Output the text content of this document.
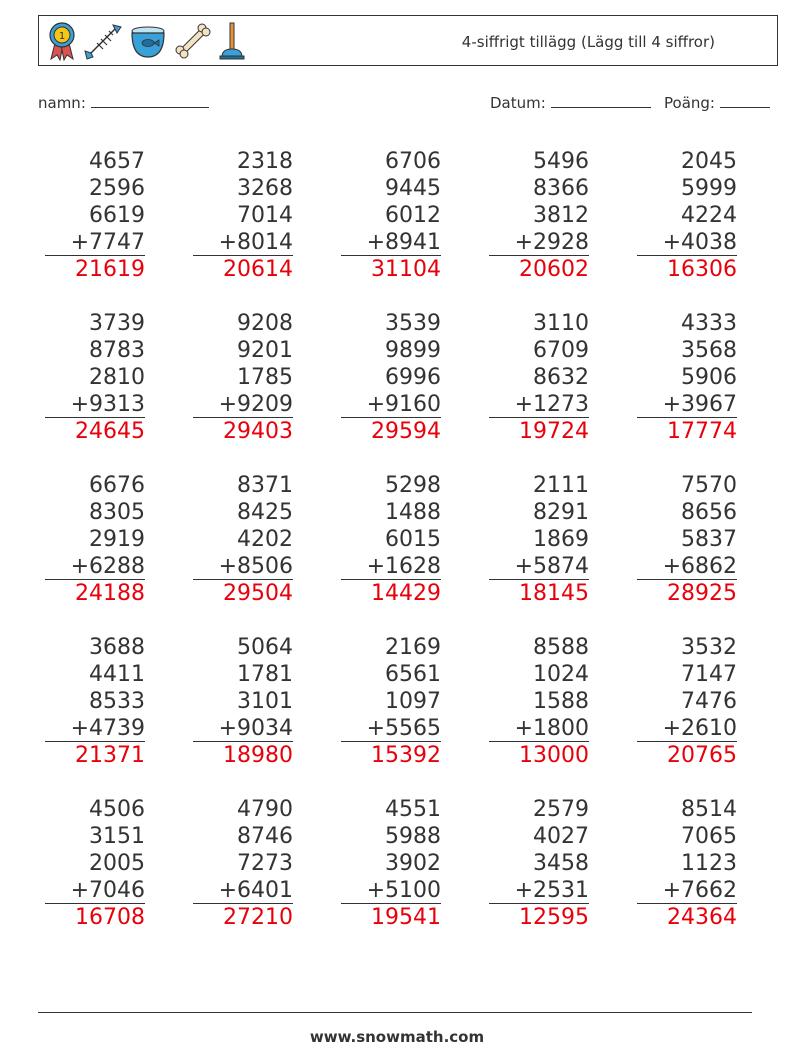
1	4-siffrigt tillägg (Lägg till 4 siffror)
namn:	Datum:	Poäng:
4657
2596
6619
+7747
21619
2318
3268
7014
+8014
20614
6706
9445
6012
+8941
31104
5496
8366
3812
+2928
20602
2045
5999
4224
+4038
16306
3739
8783
2810
+9313
24645
9208
9201
1785
+9209
29403
3539
9899
6996
+9160
29594
3110
6709
8632
+1273
19724
4333
3568
5906
+3967
17774
6676
8305
2919
+6288
24188
8371
8425
4202
+8506
29504
5298
1488
6015
+1628
14429
2111
8291
1869
+5874
18145
7570
8656
5837
+6862
28925
3688
4411
8533
+4739
21371
5064
1781
3101
+9034
18980
2169
6561
1097
+5565
15392
8588
1024
1588
+1800
13000
3532
7147
7476
+2610
20765
4506
3151
2005
+7046
16708
4790
8746
7273
+6401
27210
4551
5988
3902
+5100
19541
2579
4027
3458
+2531
12595
8514
7065
1123
+7662
24364
www.snowmath.com
